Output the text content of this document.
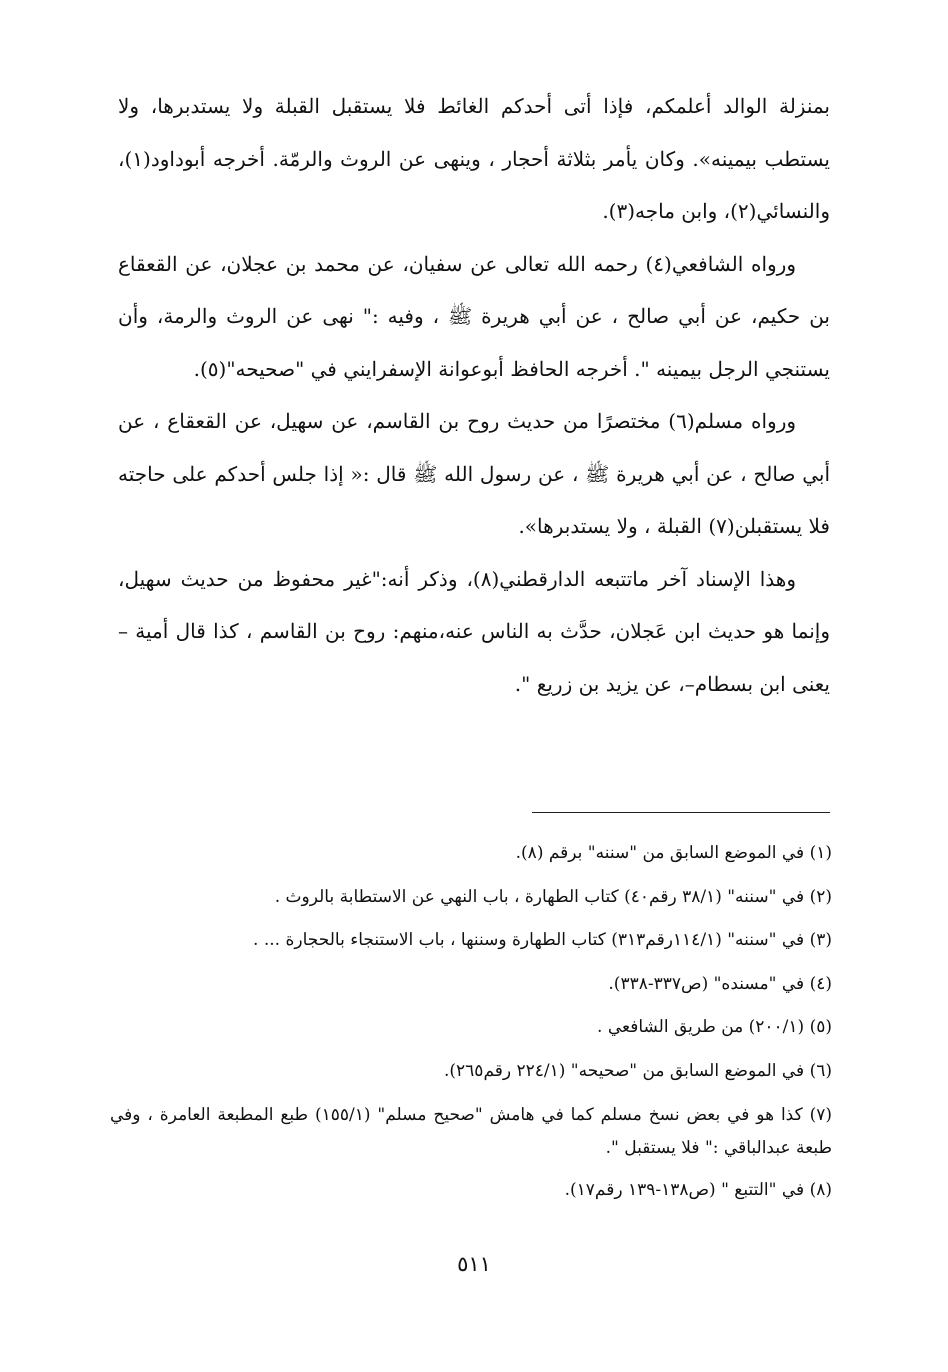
بمنزلة الوالد أعلمكم، فإذا أتى أحدكم الغائط فلا يستقبل القبلة ولا يستدبرها، ولا يستطب بيمينه». وكان يأمر بثلاثة أحجار ، وينهى عن الروث والرمّة. أخرجه أبوداود(١)، والنسائي(٢)، وابن ماجه(٣).

ورواه الشافعي(٤) رحمه الله تعالى عن سفيان، عن محمد بن عجلان، عن القعقاع بن حكيم، عن أبي صالح ، عن أبي هريرة ﷺ ، وفيه :" نهى عن الروث والرمة، وأن يستنجي الرجل بيمينه ". أخرجه الحافظ أبوعوانة الإسفرايني في "صحيحه"(٥).

ورواه مسلم(٦) مختصرًا من حديث روح بن القاسم، عن سهيل، عن القعقاع ، عن أبي صالح ، عن أبي هريرة ﷺ ، عن رسول الله ﷺ قال :« إذا جلس أحدكم على حاجته فلا يستقبلن(٧) القبلة ، ولا يستدبرها».

وهذا الإسناد آخر ماتتبعه الدارقطني(٨)، وذكر أنه:"غير محفوظ من حديث سهيل، وإنما هو حديث ابن عَجلان، حدَّث به الناس عنه،منهم: روح بن القاسم ، كذا قال أمية – يعنى ابن بسطام–، عن يزيد بن زريع ".

(١) في الموضع السابق من "سننه" برقم (٨).

(٢) في "سننه" (٣٨/١ رقم٤٠) كتاب الطهارة ، باب النهي عن الاستطابة بالروث .

(٣) في "سننه" (١١٤/١رقم٣١٣) كتاب الطهارة وسننها ، باب الاستنجاء بالحجارة ... .

(٤) في "مسنده" (ص٣٣٧-٣٣٨).

(٥) (٢٠٠/١) من طريق الشافعي .

(٦) في الموضع السابق من "صحيحه" (٢٢٤/١ رقم٢٦٥).

(٧) كذا هو في بعض نسخ مسلم كما في هامش "صحيح مسلم" (١٥٥/١) طبع المطبعة العامرة ، وفي طبعة عبدالباقي :" فلا يستقبل ".

(٨) في "التتبع " (ص١٣٨-١٣٩ رقم١٧).

٥١١
